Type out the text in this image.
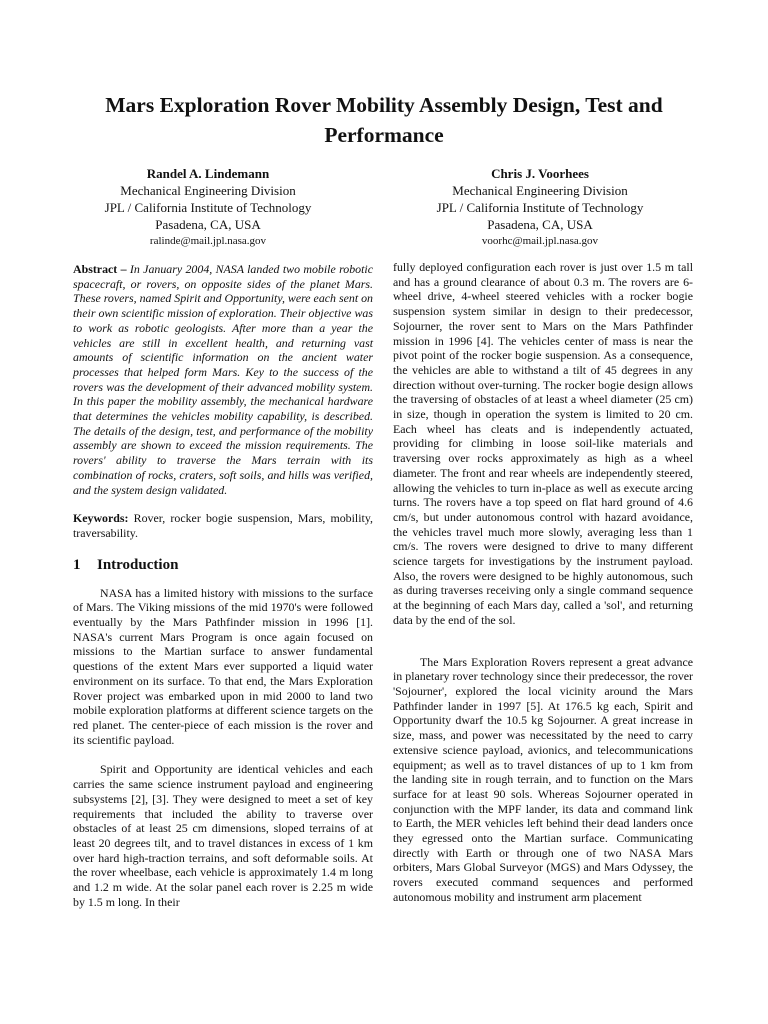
Mars Exploration Rover Mobility Assembly Design, Test and Performance
Randel A. Lindemann
Mechanical Engineering Division
JPL / California Institute of Technology
Pasadena, CA, USA
ralinde@mail.jpl.nasa.gov
Chris J. Voorhees
Mechanical Engineering Division
JPL / California Institute of Technology
Pasadena, CA, USA
voorhc@mail.jpl.nasa.gov

Abstract – In January 2004, NASA landed two mobile robotic spacecraft, or rovers, on opposite sides of the planet Mars. These rovers, named Spirit and Opportunity, were each sent on their own scientific mission of exploration. Their objective was to work as robotic geologists. After more than a year the vehicles are still in excellent health, and returning vast amounts of scientific information on the ancient water processes that helped form Mars. Key to the success of the rovers was the development of their advanced mobility system. In this paper the mobility assembly, the mechanical hardware that determines the vehicles mobility capability, is described. The details of the design, test, and performance of the mobility assembly are shown to exceed the mission requirements. The rovers' ability to traverse the Mars terrain with its combination of rocks, craters, soft soils, and hills was verified, and the system design validated.

Keywords: Rover, rocker bogie suspension, Mars, mobility, traversability.

1 Introduction

NASA has a limited history with missions to the surface of Mars. The Viking missions of the mid 1970's were followed eventually by the Mars Pathfinder mission in 1996 [1]. NASA's current Mars Program is once again focused on missions to the Martian surface to answer fundamental questions of the extent Mars ever supported a liquid water environment on its surface. To that end, the Mars Exploration Rover project was embarked upon in mid 2000 to land two mobile exploration platforms at different science targets on the red planet. The center-piece of each mission is the rover and its scientific payload.

Spirit and Opportunity are identical vehicles and each carries the same science instrument payload and engineering subsystems [2], [3]. They were designed to meet a set of key requirements that included the ability to traverse over obstacles of at least 25 cm dimensions, sloped terrains of at least 20 degrees tilt, and to travel distances in excess of 1 km over hard high-traction terrains, and soft deformable soils. At the rover wheelbase, each vehicle is approximately 1.4 m long and 1.2 m wide. At the solar panel each rover is 2.25 m wide by 1.5 m long. In their

fully deployed configuration each rover is just over 1.5 m tall and has a ground clearance of about 0.3 m. The rovers are 6-wheel drive, 4-wheel steered vehicles with a rocker bogie suspension system similar in design to their predecessor, Sojourner, the rover sent to Mars on the Mars Pathfinder mission in 1996 [4]. The vehicles center of mass is near the pivot point of the rocker bogie suspension. As a consequence, the vehicles are able to withstand a tilt of 45 degrees in any direction without over-turning. The rocker bogie design allows the traversing of obstacles of at least a wheel diameter (25 cm) in size, though in operation the system is limited to 20 cm. Each wheel has cleats and is independently actuated, providing for climbing in loose soil-like materials and traversing over rocks approximately as high as a wheel diameter. The front and rear wheels are independently steered, allowing the vehicles to turn in-place as well as execute arcing turns. The rovers have a top speed on flat hard ground of 4.6 cm/s, but under autonomous control with hazard avoidance, the vehicles travel much more slowly, averaging less than 1 cm/s. The rovers were designed to drive to many different science targets for investigations by the instrument payload. Also, the rovers were designed to be highly autonomous, such as during traverses receiving only a single command sequence at the beginning of each Mars day, called a 'sol', and returning data by the end of the sol.

The Mars Exploration Rovers represent a great advance in planetary rover technology since their predecessor, the rover 'Sojourner', explored the local vicinity around the Mars Pathfinder lander in 1997 [5]. At 176.5 kg each, Spirit and Opportunity dwarf the 10.5 kg Sojourner. A great increase in size, mass, and power was necessitated by the need to carry extensive science payload, avionics, and telecommunications equipment; as well as to travel distances of up to 1 km from the landing site in rough terrain, and to function on the Mars surface for at least 90 sols. Whereas Sojourner operated in conjunction with the MPF lander, its data and command link to Earth, the MER vehicles left behind their dead landers once they egressed onto the Martian surface. Communicating directly with Earth or through one of two NASA Mars orbiters, Mars Global Surveyor (MGS) and Mars Odyssey, the rovers executed command sequences and performed autonomous mobility and instrument arm placement
